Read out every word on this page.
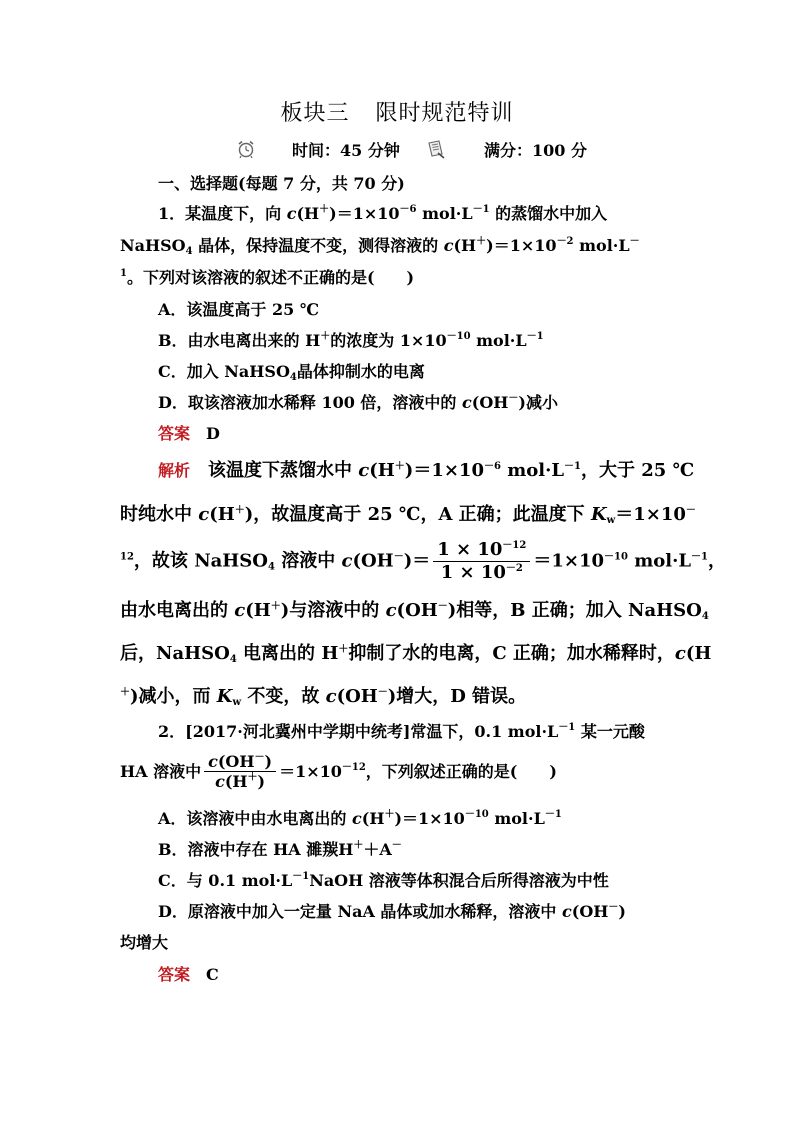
板块三 限时规范特训
时间：45 分钟	满分：100 分
一、选择题(每题 7 分，共 70 分)
1．某温度下，向 $c(H^+)=1\times 10^{-6}$ $mol\cdot L^{-1}$ 的蒸馏水中加入
NaHSO$_4$ 晶体，保持温度不变，测得溶液的 $c(H^+)=1\times 10^{-2}$ mol·L－
$^1$。下列对该溶液的叙述不正确的是(　　)
A．该温度高于 25 ℃
B．由水电离出来的 H＋的浓度为 $1\times 10^{-10}$ $mol\cdot L^{-1}$
C．加入 NaHSO$_4$晶体抑制水的电离
D．取该溶液加水稀释 100 倍，溶液中的 c(OH－)减小
答案　 D
解析　该温度下蒸馏水中 $c(H^+)=1\times 10^{-6}$ $mol\cdot L^{-1}$，大于 25 ℃
时纯水中 c(H＋)，故温度高于 25 ℃，A 正确；此温度下 $K_w=1\times 10^-$
$^{12}$，故该 NaHSO$_4$ 溶液中 $c(OH^-)= \frac{1 \times 10^{-12}}{1 \times 10^{-2}} =1\times 10^{-10}$ $mol\cdot L^{-1}$，
由水电离出的 c(H＋)与溶液中的 c(OH－)相等，B 正确；加入 NaHSO$_4$
后，NaHSO$_4$ 电离出的 H＋抑制了水的电离，C 正确；加水稀释时，c(H
＋)减小，而 $K_w$ 不变，故 c(OH－)增大，D 错误。
2．[2017·河北冀州中学期中统考]常温下，0.1 $mol\cdot L^{-1}$ 某一元酸
HA 溶液中 $\frac{c(OH^-)}{c(H^+)} =1\times 10^{-12}$，下列叙述正确的是(　　)
A．该溶液中由水电离出的 $c(H^+)=1\times 10^{-10}$ $mol\cdot L^{-1}$
B．溶液中存在 HA 濉羰H＋＋A－
C．与 0.1 $mol\cdot L^{-1}NaOH$ 溶液等体积混合后所得溶液为中性
D．原溶液中加入一定量 NaA 晶体或加水稀释，溶液中 c(OH－)
均增大
答案　 C
